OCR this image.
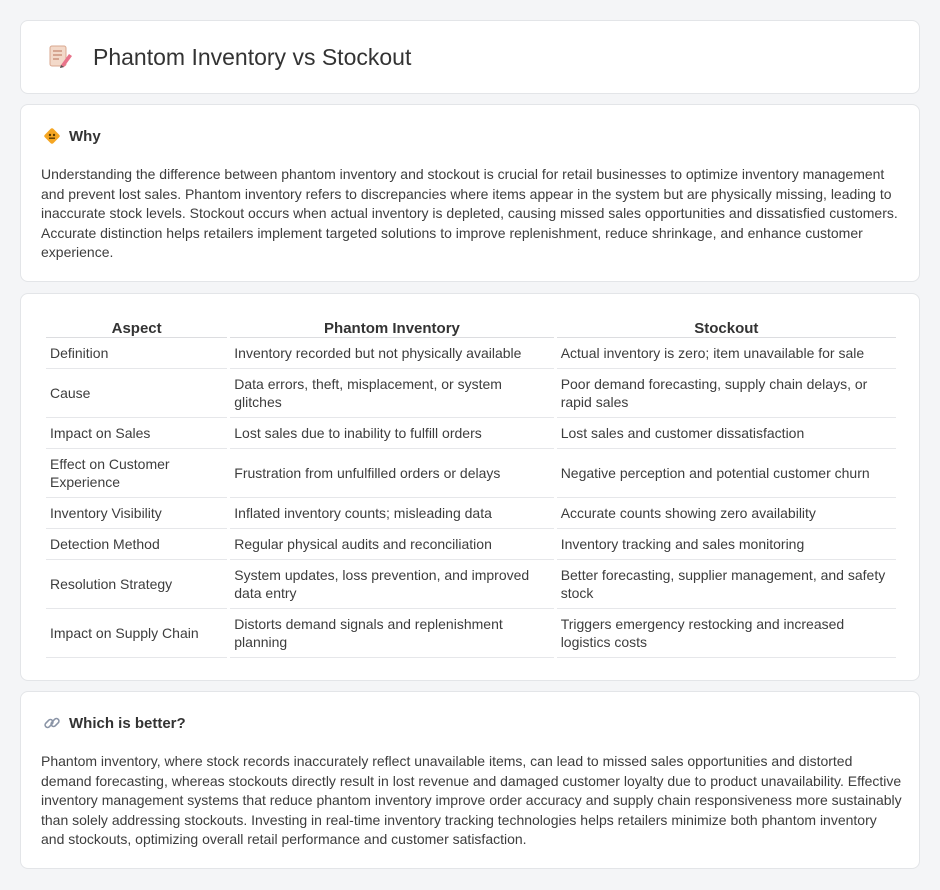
Phantom Inventory vs Stockout
Why

Understanding the difference between phantom inventory and stockout is crucial for retail businesses to optimize inventory management and prevent lost sales. Phantom inventory refers to discrepancies where items appear in the system but are physically missing, leading to inaccurate stock levels. Stockout occurs when actual inventory is depleted, causing missed sales opportunities and dissatisfied customers. Accurate distinction helps retailers implement targeted solutions to improve replenishment, reduce shrinkage, and enhance customer experience.

Aspect	Phantom Inventory	Stockout
Definition	Inventory recorded but not physically available	Actual inventory is zero; item unavailable for sale
Cause	Data errors, theft, misplacement, or system glitches	Poor demand forecasting, supply chain delays, or rapid sales
Impact on Sales	Lost sales due to inability to fulfill orders	Lost sales and customer dissatisfaction
Effect on Customer Experience	Frustration from unfulfilled orders or delays	Negative perception and potential customer churn
Inventory Visibility	Inflated inventory counts; misleading data	Accurate counts showing zero availability
Detection Method	Regular physical audits and reconciliation	Inventory tracking and sales monitoring
Resolution Strategy	System updates, loss prevention, and improved data entry	Better forecasting, supplier management, and safety stock
Impact on Supply Chain	Distorts demand signals and replenishment planning	Triggers emergency restocking and increased logistics costs
Which is better?

Phantom inventory, where stock records inaccurately reflect unavailable items, can lead to missed sales opportunities and distorted demand forecasting, whereas stockouts directly result in lost revenue and damaged customer loyalty due to product unavailability. Effective inventory management systems that reduce phantom inventory improve order accuracy and supply chain responsiveness more sustainably than solely addressing stockouts. Investing in real-time inventory tracking technologies helps retailers minimize both phantom inventory and stockouts, optimizing overall retail performance and customer satisfaction.
